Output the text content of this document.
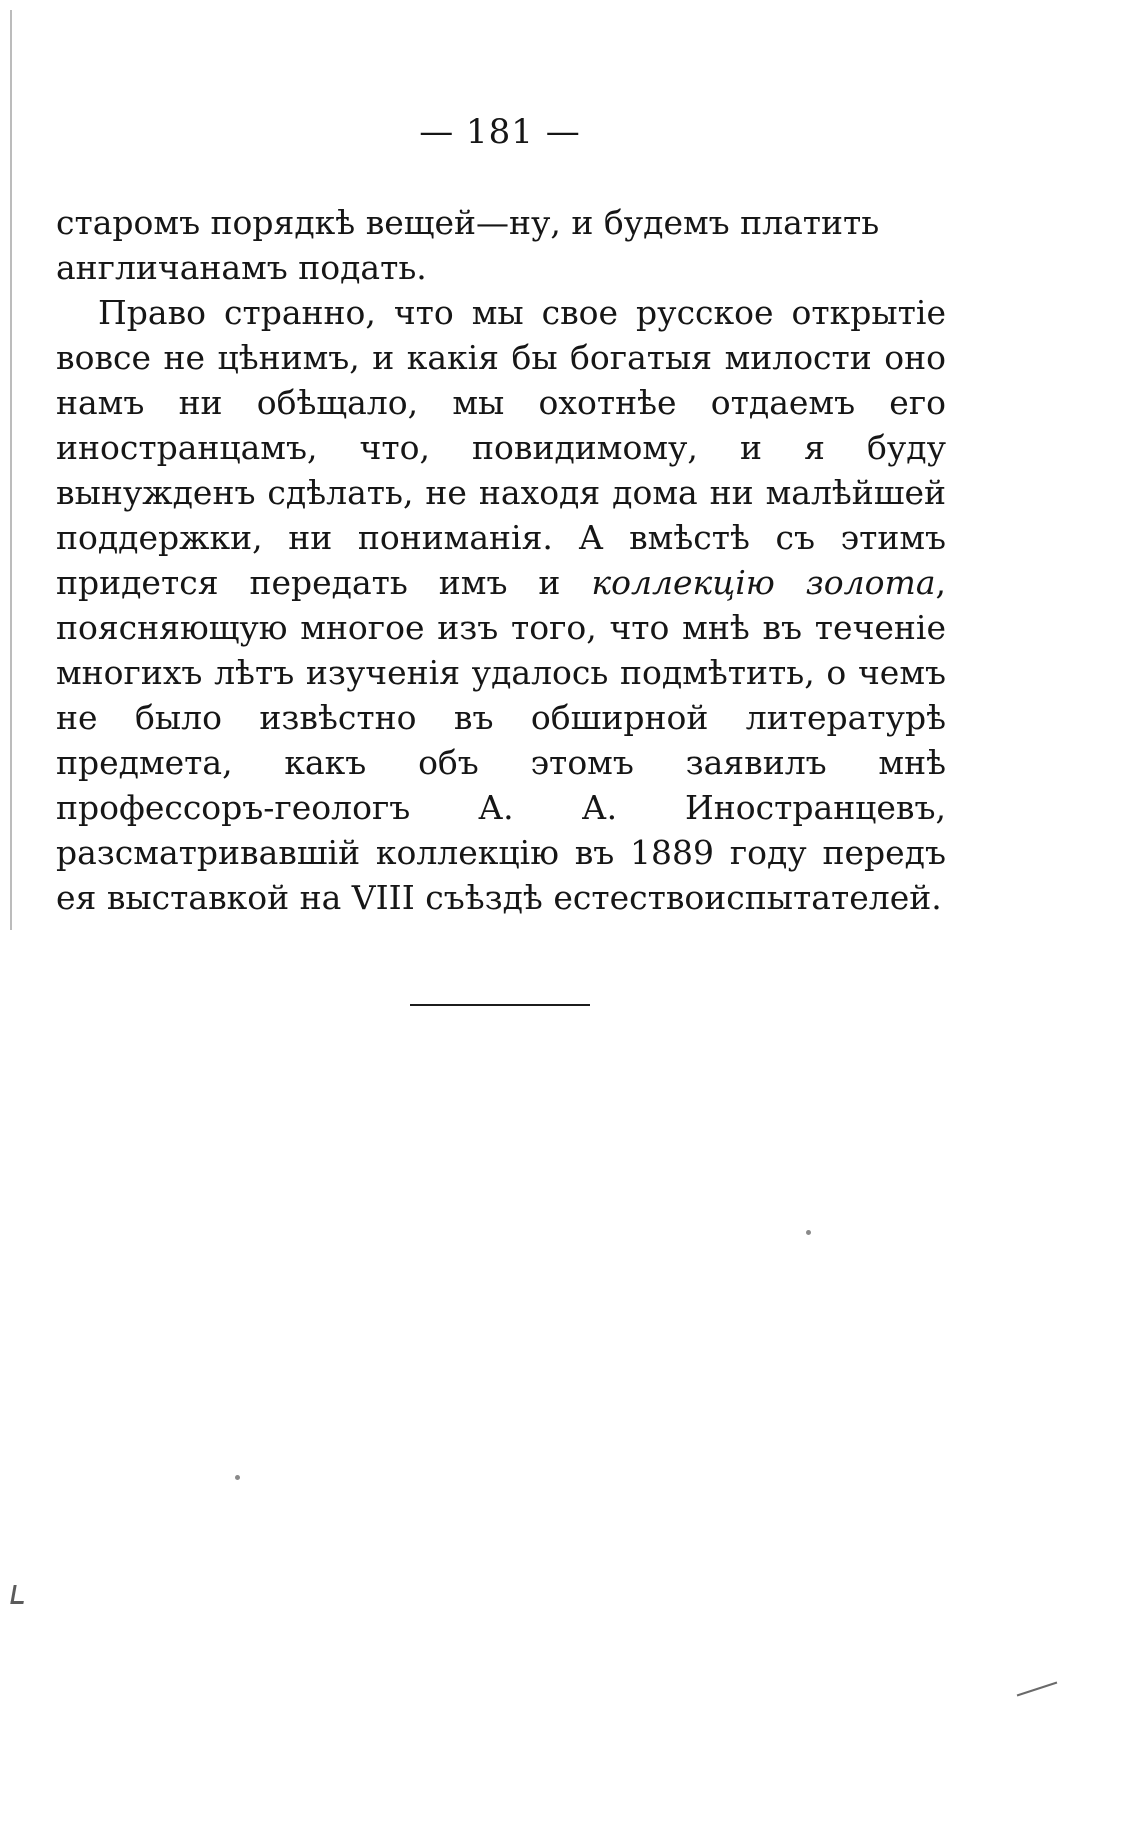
— 181 —

старомъ порядкѣ вещей—ну, и будемъ платить
англичанамъ подать.

Право странно, что мы свое русское открытіе вовсе не цѣнимъ, и какія бы богатыя милости оно намъ ни обѣщало, мы охотнѣе отдаемъ его иностранцамъ, что, повидимому, и я буду вынужденъ сдѣлать, не находя дома ни малѣйшей поддержки, ни пониманія. А вмѣстѣ съ этимъ придется передать имъ и коллекцію золота, поясняющую многое изъ того, что мнѣ въ теченіе многихъ лѣтъ изученія удалось подмѣтить, о чемъ не было извѣстно въ обширной литературѣ предмета, какъ объ этомъ заявилъ мнѣ профессоръ-геологъ А. А. Иностранцевъ, разсматривавшій коллекцію въ 1889 году передъ ея выставкой на VIII съѣздѣ естествоиспытателей.
